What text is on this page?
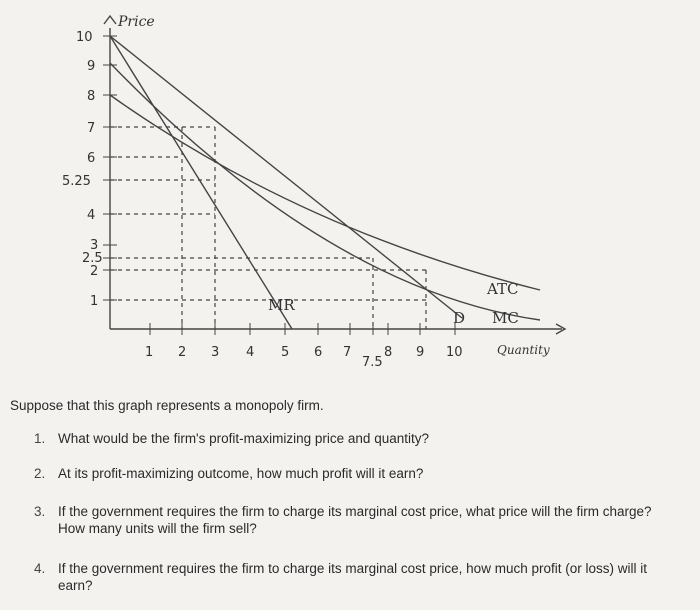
Price
Quantity
10
9
8
7
6
5.25
4
3
2.5
2
1
1 2 3 4 5 6 7
7.5
8 9 10
ATC
MC
MR
D
Suppose that this graph represents a monopoly firm.
1. What would be the firm's profit-maximizing price and quantity?
2. At its profit-maximizing outcome, how much profit will it earn?
3. If the government requires the firm to charge its marginal cost price, what price will the firm charge? How many units will the firm sell?
4. If the government requires the firm to charge its marginal cost price, how much profit (or loss) will it earn?
